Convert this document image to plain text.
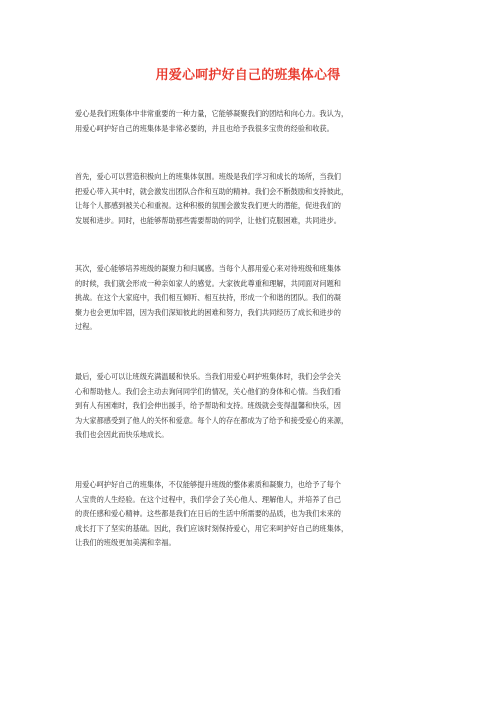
用爱心呵护好自己的班集体心得

爱心是我们班集体中非常重要的一种力量，它能够凝聚我们的团结和向心力。我认为，
用爱心呵护好自己的班集体是非常必要的，并且也给予我很多宝贵的经验和收获。

首先，爱心可以营造积极向上的班集体氛围。班级是我们学习和成长的场所，当我们
把爱心带入其中时，就会激发出团队合作和互助的精神。我们会不断鼓励和支持彼此，
让每个人都感到被关心和重视。这种积极的氛围会激发我们更大的潜能，促进我们的
发展和进步。同时，也能够帮助那些需要帮助的同学，让他们克服困难，共同进步。

其次，爱心能够培养班级的凝聚力和归属感。当每个人都用爱心来对待班级和班集体
的时候，我们就会形成一种亲如家人的感觉。大家彼此尊重和理解，共同面对问题和
挑战。在这个大家庭中，我们相互倾听、相互扶持，形成一个和谐的团队。我们的凝
聚力也会更加牢固，因为我们深知彼此的困难和努力，我们共同经历了成长和进步的
过程。

最后，爱心可以让班级充满温暖和快乐。当我们用爱心呵护班集体时，我们会学会关
心和帮助他人。我们会主动去询问同学们的情况，关心他们的身体和心情。当我们看
到有人有困难时，我们会伸出援手，给予帮助和支持。班级就会变得温馨和快乐，因
为大家都感受到了他人的关怀和爱意。每个人的存在都成为了给予和接受爱心的来源，
我们也会因此而快乐地成长。

用爱心呵护好自己的班集体，不仅能够提升班级的整体素质和凝聚力，也给予了每个
人宝贵的人生经验。在这个过程中，我们学会了关心他人、理解他人，并培养了自己
的责任感和爱心精神。这些都是我们在日后的生活中所需要的品质，也为我们未来的
成长打下了坚实的基础。因此，我们应该时刻保持爱心，用它来呵护好自己的班集体，
让我们的班级更加美满和幸福。
